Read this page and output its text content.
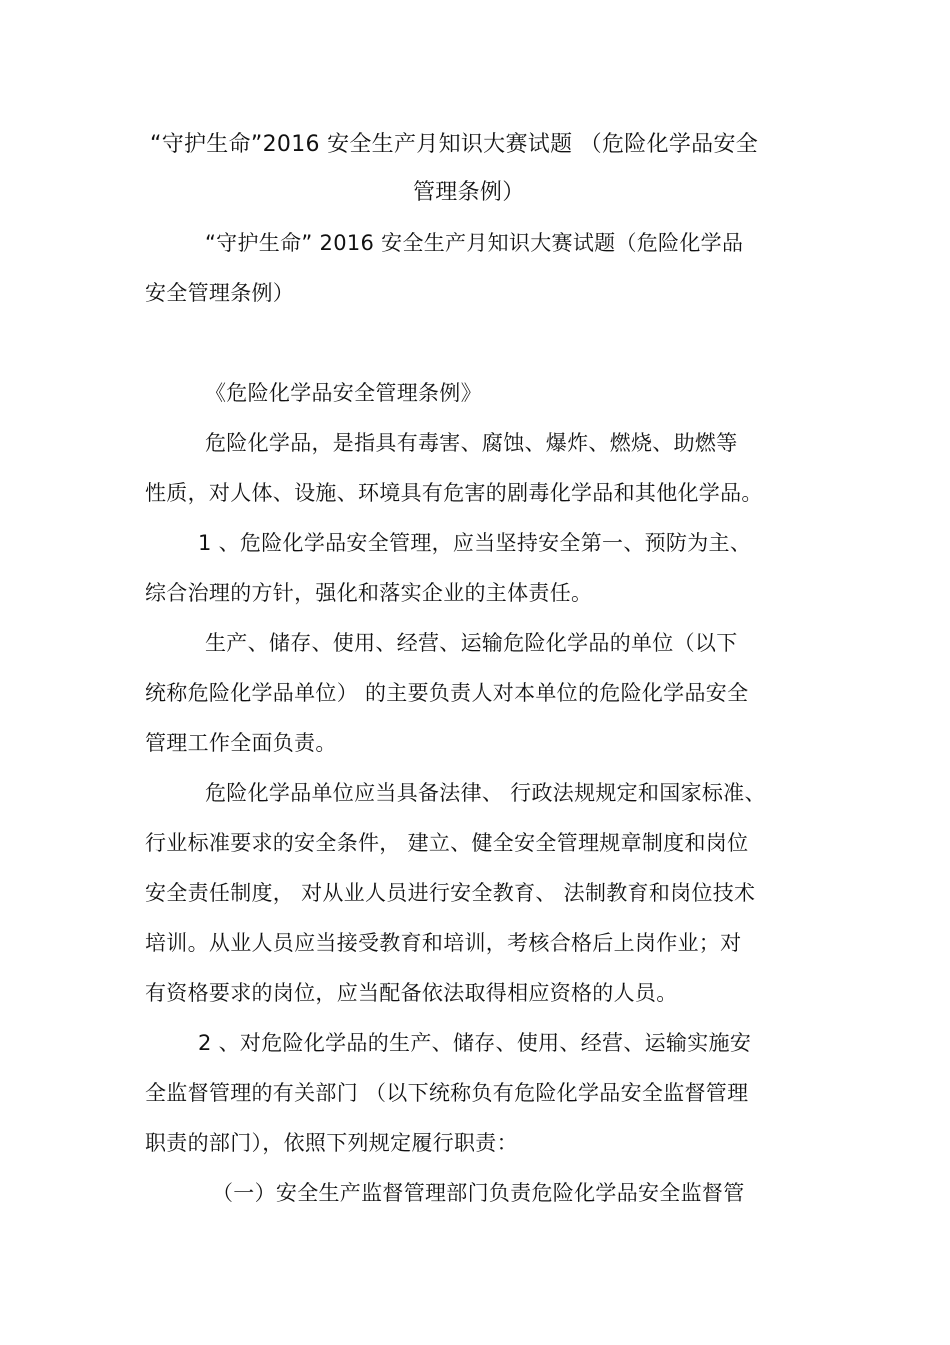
“守护生命”2016 安全生产月知识大赛试题 （危险化学品安全
管理条例）
“守护生命” 2016 安全生产月知识大赛试题（危险化学品
安全管理条例）
《危险化学品安全管理条例》
危险化学品，是指具有毒害、腐蚀、爆炸、燃烧、助燃等
性质，对人体、设施、环境具有危害的剧毒化学品和其他化学品。
1 、危险化学品安全管理，应当坚持安全第一、预防为主、
综合治理的方针，强化和落实企业的主体责任。
生产、储存、使用、经营、运输危险化学品的单位（以下
统称危险化学品单位） 的主要负责人对本单位的危险化学品安全
管理工作全面负责。
危险化学品单位应当具备法律、 行政法规规定和国家标准、
行业标准要求的安全条件， 建立、健全安全管理规章制度和岗位
安全责任制度， 对从业人员进行安全教育、 法制教育和岗位技术
培训。从业人员应当接受教育和培训，考核合格后上岗作业；对
有资格要求的岗位，应当配备依法取得相应资格的人员。
2 、对危险化学品的生产、储存、使用、经营、运输实施安
全监督管理的有关部门 （以下统称负有危险化学品安全监督管理
职责的部门），依照下列规定履行职责：
（一）安全生产监督管理部门负责危险化学品安全监督管
